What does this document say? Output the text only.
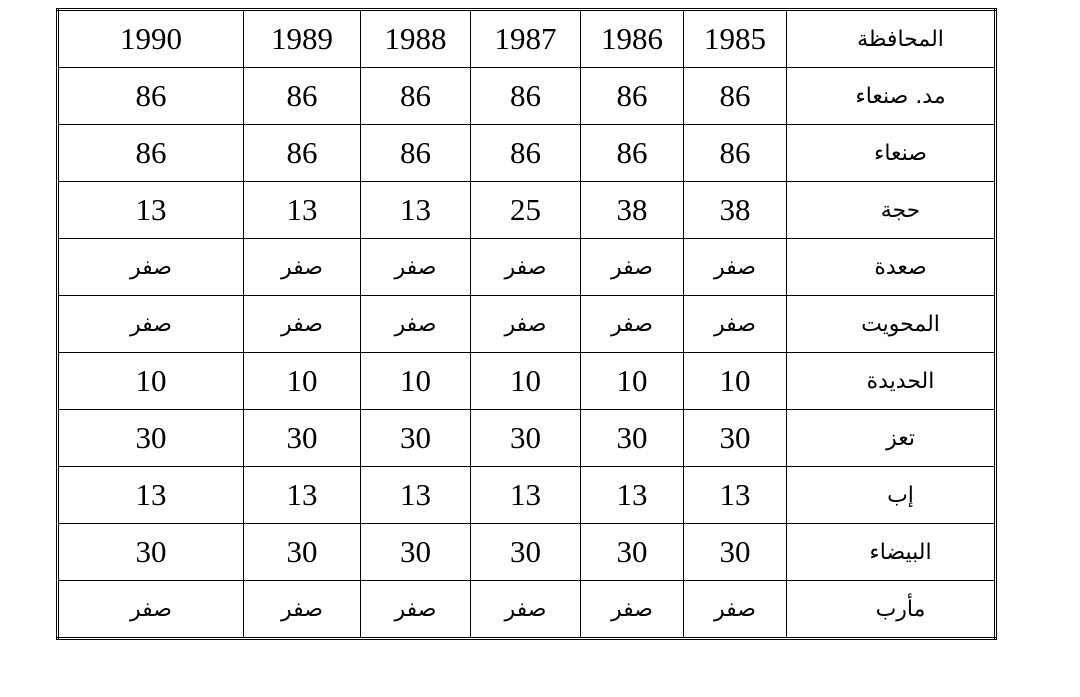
1990	1989	1988	1987	1986	1985	المحافظة
86	86	86	86	86	86	مد. صنعاء
86	86	86	86	86	86	صنعاء
13	13	13	25	38	38	حجة
صفر	صفر	صفر	صفر	صفر	صفر	صعدة
صفر	صفر	صفر	صفر	صفر	صفر	المحويت
10	10	10	10	10	10	الحديدة
30	30	30	30	30	30	تعز
13	13	13	13	13	13	إب
30	30	30	30	30	30	البيضاء
صفر	صفر	صفر	صفر	صفر	صفر	مأرب
